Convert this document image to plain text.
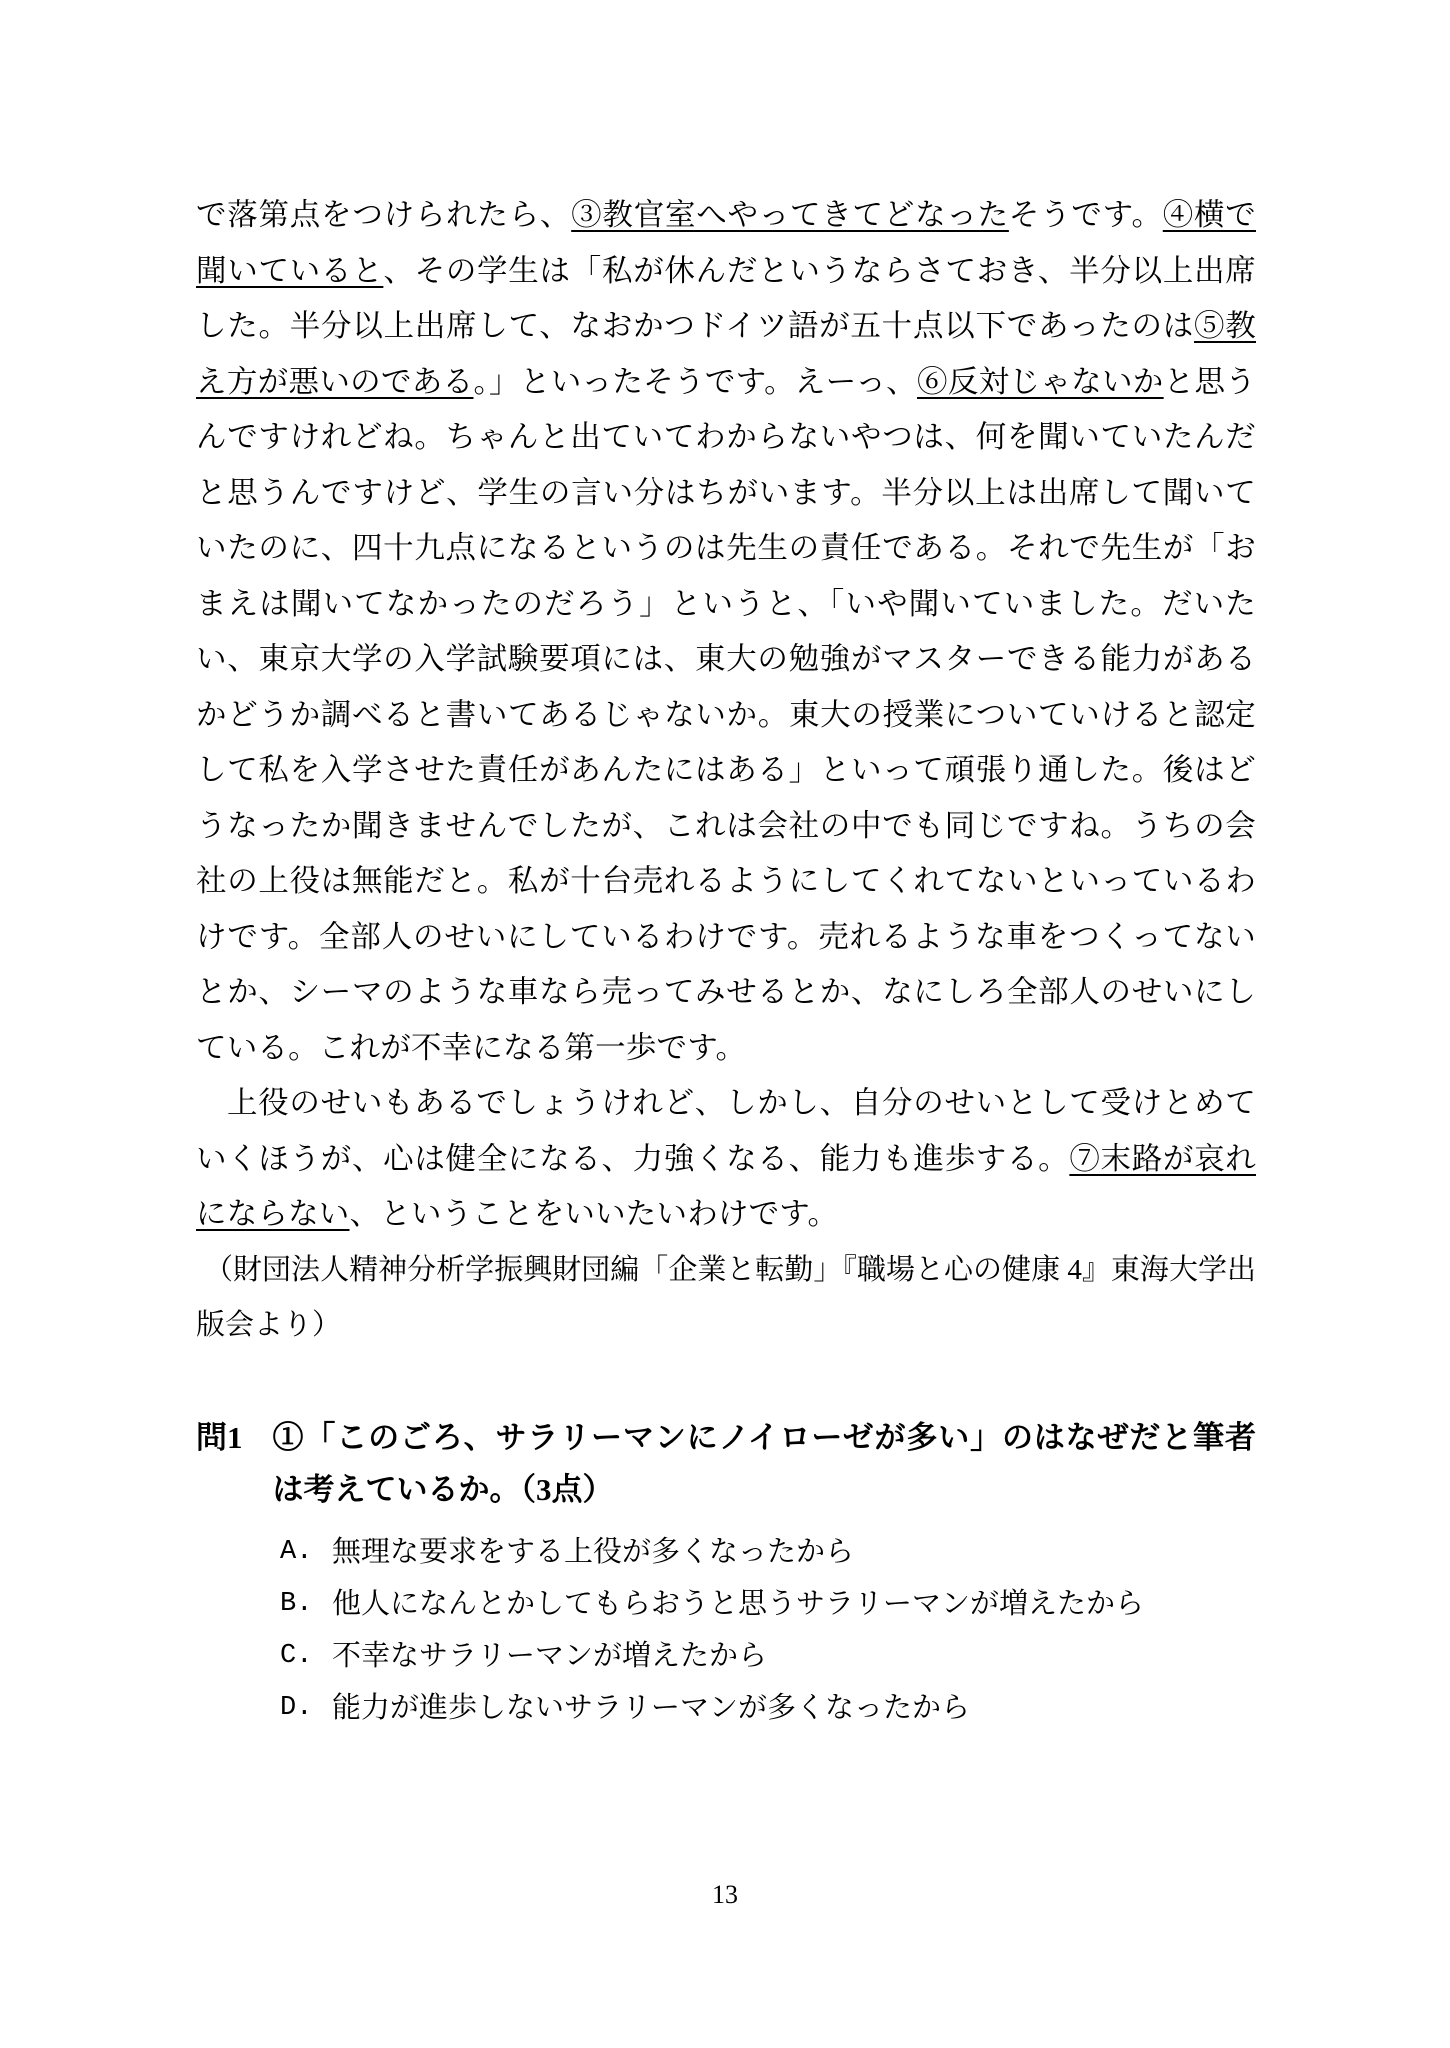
で落第点をつけられたら、③教官室へやってきてどなったそうです。④横で聞いていると、その学生は「私が休んだというならさておき、半分以上出席した。半分以上出席して、なおかつドイツ語が五十点以下であったのは⑤教え方が悪いのである。」といったそうです。えーっ、⑥反対じゃないかと思うんですけれどね。ちゃんと出ていてわからないやつは、何を聞いていたんだと思うんですけど、学生の言い分はちがいます。半分以上は出席して聞いていたのに、四十九点になるというのは先生の責任である。それで先生が「おまえは聞いてなかったのだろう」というと、「いや聞いていました。だいたい、東京大学の入学試験要項には、東大の勉強がマスターできる能力があるかどうか調べると書いてあるじゃないか。東大の授業についていけると認定して私を入学させた責任があんたにはある」といって頑張り通した。後はどうなったか聞きませんでしたが、これは会社の中でも同じですね。うちの会社の上役は無能だと。私が十台売れるようにしてくれてないといっているわけです。全部人のせいにしているわけです。売れるような車をつくってないとか、シーマのような車なら売ってみせるとか、なにしろ全部人のせいにしている。これが不幸になる第一歩です。

上役のせいもあるでしょうけれど、しかし、自分のせいとして受けとめていくほうが、心は健全になる、力強くなる、能力も進歩する。⑦末路が哀れにならない、ということをいいたいわけです。

（財団法人精神分析学振興財団編「企業と転勤」『職場と心の健康 4』東海大学出版会より）

問1 ①「このごろ、サラリーマンにノイローゼが多い」のはなぜだと筆者は考えているか。（3点）
A. 無理な要求をする上役が多くなったから
B. 他人になんとかしてもらおうと思うサラリーマンが増えたから
C. 不幸なサラリーマンが増えたから
D. 能力が進歩しないサラリーマンが多くなったから
13
